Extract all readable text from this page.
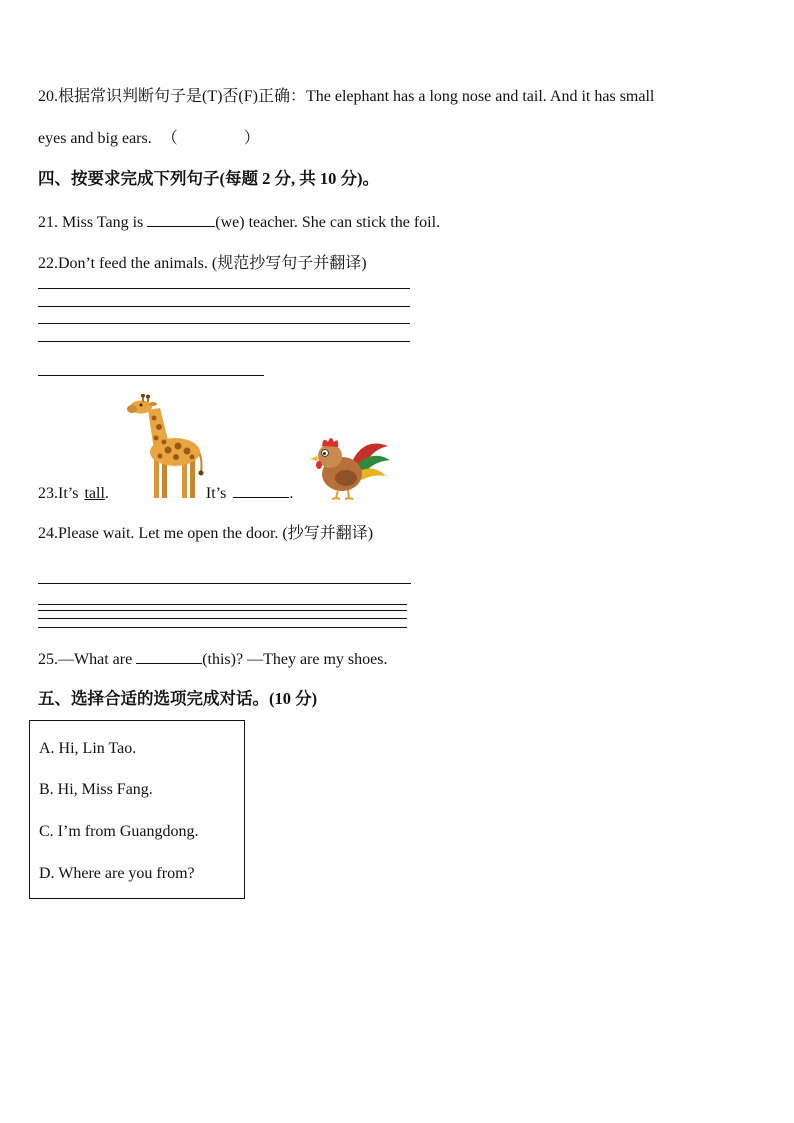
20.根据常识判断句子是(T)否(F)正确：The elephant has a long nose and tail. And it has small
eyes and big ears. （	）
四、按要求完成下列句子(每题 2 分, 共 10 分)。
21. Miss Tang is	(we) teacher. She can stick the foil.
22.Don’t feed the animals. (规范抄写句子并翻译)
23.It’s tall.	It’s	.
24.Please wait. Let me open the door. (抄写并翻译)
25.—What are	(this)? —They are my shoes.
五、选择合适的选项完成对话。(10 分)
A. Hi, Lin Tao.
B. Hi, Miss Fang.
C. I’m from Guangdong.
D. Where are you from?
